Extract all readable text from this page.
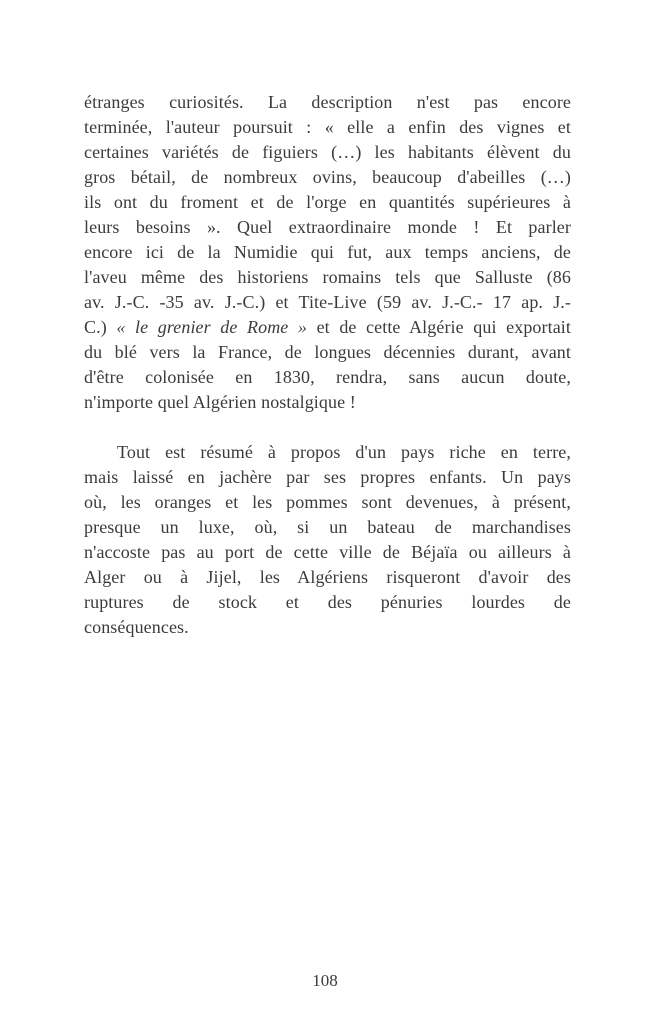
étranges curiosités. La description n'est pas encore
terminée, l'auteur poursuit : « elle a enfin des vignes et
certaines variétés de figuiers (…) les habitants élèvent du
gros bétail, de nombreux ovins, beaucoup d'abeilles (…)
ils ont du froment et de l'orge en quantités supérieures à
leurs besoins ». Quel extraordinaire monde ! Et parler
encore ici de la Numidie qui fut, aux temps anciens, de
l'aveu même des historiens romains tels que Salluste (86
av. J.-C. -35 av. J.-C.) et Tite-Live (59 av. J.-C.- 17 ap. J.-
C.) « le grenier de Rome » et de cette Algérie qui exportait
du blé vers la France, de longues décennies durant, avant
d'être colonisée en 1830, rendra, sans aucun doute,
n'importe quel Algérien nostalgique !
Tout est résumé à propos d'un pays riche en terre,
mais laissé en jachère par ses propres enfants. Un pays
où, les oranges et les pommes sont devenues, à présent,
presque un luxe, où, si un bateau de marchandises
n'accoste pas au port de cette ville de Béjaïa ou ailleurs à
Alger ou à Jijel, les Algériens risqueront d'avoir des
ruptures de stock et des pénuries lourdes de
conséquences.
108
